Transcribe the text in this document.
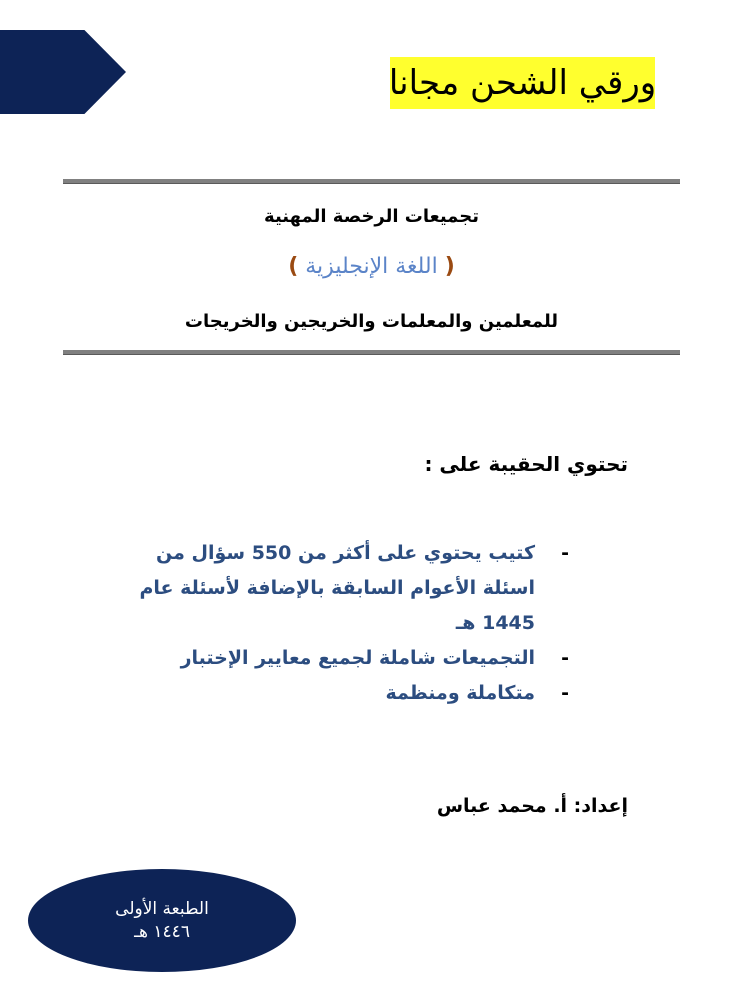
ورقي الشحن مجانا
تجميعات الرخصة المهنية
( اللغة الإنجليزية )
للمعلمين والمعلمات والخريجين والخريجات
تحتوي الحقيبة على :
-
كتيب يحتوي على أكثر من 550 سؤال من اسئلة الأعوام السابقة بالإضافة لأسئلة عام 1445 هـ
-
التجميعات شاملة لجميع معايير الإختبار
-
متكاملة ومنظمة
إعداد: أ. محمد عباس
الطبعة الأولى
١٤٤٦ هـ
